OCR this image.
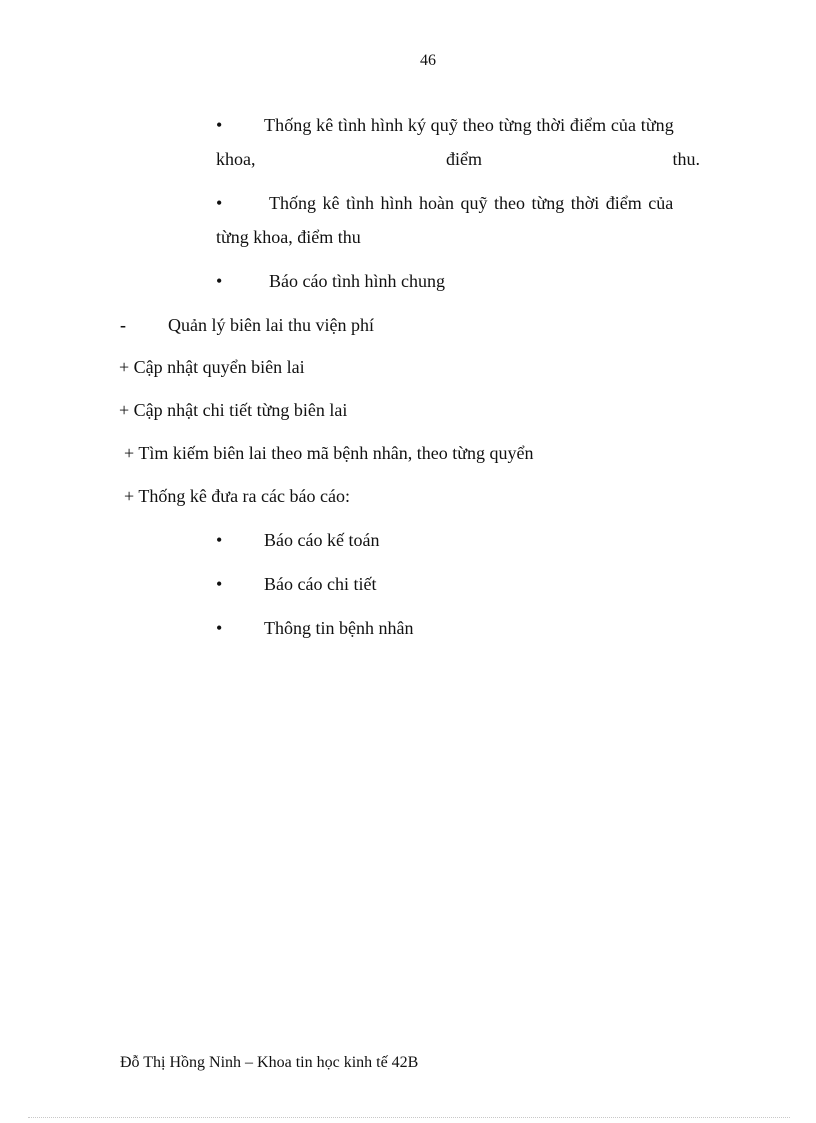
46
• Thống kê tình hình ký quỹ theo từng thời điểm của từng
khoa,	điểm	thu.
•	Thống kê tình hình hoàn quỹ theo từng thời điểm của
từng khoa, điểm thu
•	Báo cáo tình hình chung
- Quản lý biên lai thu viện phí
+ Cập nhật quyển biên lai
+ Cập nhật chi tiết từng biên lai
+ Tìm kiếm biên lai theo mã bệnh nhân, theo từng quyển
+ Thống kê đưa ra các báo cáo:
• Báo cáo kế toán
• Báo cáo chi tiết
• Thông tin bệnh nhân
Đỗ Thị Hồng Ninh – Khoa tin học kinh tế 42B
